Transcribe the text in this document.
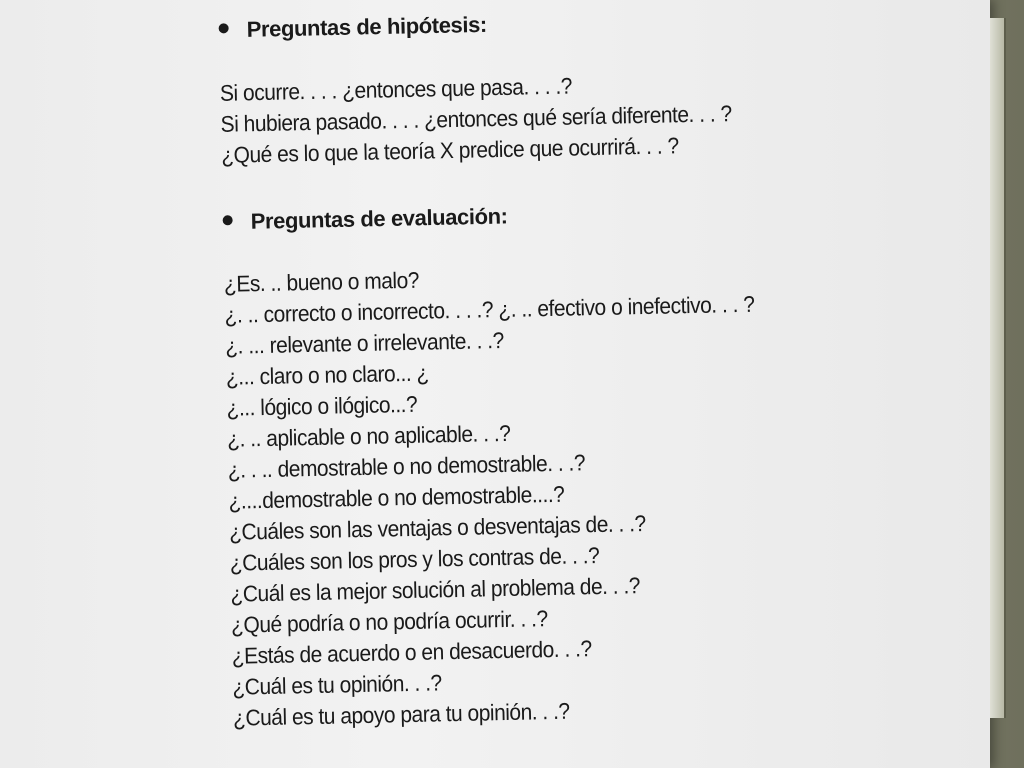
Preguntas de hipótesis:
Si ocurre. . . . ¿entonces que pasa. . . .?
Si hubiera pasado. . . . ¿entonces qué sería diferente. . . ?
¿Qué es lo que la teoría X predice que ocurrirá. . . ?
Preguntas de evaluación:
¿Es. .. bueno o malo?
¿. .. correcto o incorrecto. . . .? ¿. .. efectivo o inefectivo. . . ?
¿. ... relevante o irrelevante. . .?
¿... claro o no claro... ¿
¿... lógico o ilógico...?
¿. .. aplicable o no aplicable. . .?
¿. . .. demostrable o no demostrable. . .?
¿....demostrable o no demostrable....?
¿Cuáles son las ventajas o desventajas de. . .?
¿Cuáles son los pros y los contras de. . .?
¿Cuál es la mejor solución al problema de. . .?
¿Qué podría o no podría ocurrir. . .?
¿Estás de acuerdo o en desacuerdo. . .?
¿Cuál es tu opinión. . .?
¿Cuál es tu apoyo para tu opinión. . .?
